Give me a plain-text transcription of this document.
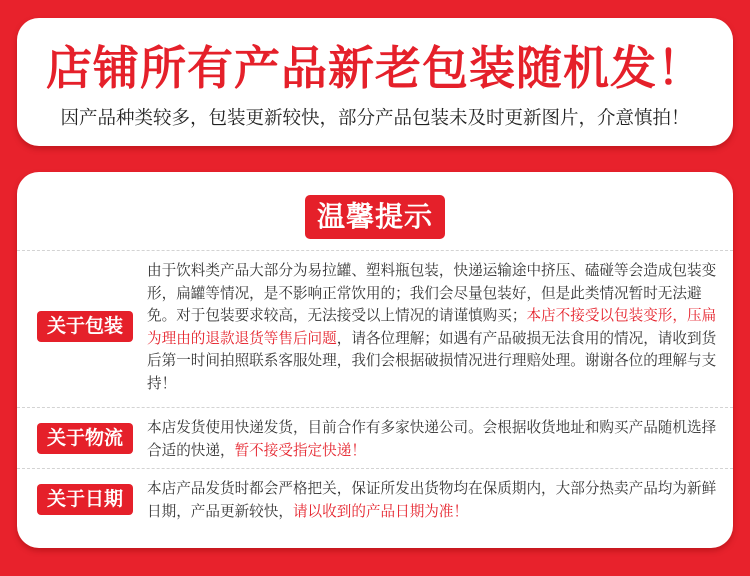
店铺所有产品新老包装随机发！
因产品种类较多，包装更新较快，部分产品包装未及时更新图片，介意慎拍！
温馨提示
关于包装
由于饮料类产品大部分为易拉罐、塑料瓶包装，快递运输途中挤压、磕碰等会造成包装变形，扁罐等情况，是不影响正常饮用的；我们会尽量包装好，但是此类情况暂时无法避免。对于包装要求较高，无法接受以上情况的请谨慎购买；本店不接受以包装变形，压扁为理由的退款退货等售后问题，请各位理解；如遇有产品破损无法食用的情况，请收到货后第一时间拍照联系客服处理，我们会根据破损情况进行理赔处理。谢谢各位的理解与支持！
关于物流	本店发货使用快递发货，目前合作有多家快递公司。会根据收货地址和购买产品随机选择合适的快递，暂不接受指定快递！
关于日期	本店产品发货时都会严格把关，保证所发出货物均在保质期内，大部分热卖产品均为新鲜日期，产品更新较快，请以收到的产品日期为准！
